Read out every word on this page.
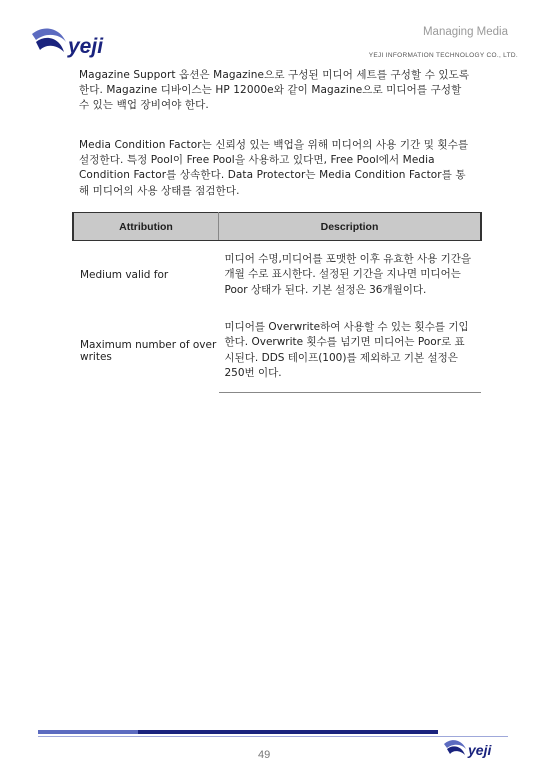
yeji
Managing Media
YEJI INFORMATION TECHNOLOGY CO., LTD.

Magazine Support 옵션은 Magazine으로 구성된 미디어 세트를 구성할 수 있도록 한다. Magazine 디바이스는 HP 12000e와 같이 Magazine으로 미디어를 구성할 수 있는 백업 장비여야 한다.

Media Condition Factor는 신뢰성 있는 백업을 위해 미디어의 사용 기간 및 횟수를 설정한다. 특정 Pool이 Free Pool을 사용하고 있다면, Free Pool에서 Media Condition Factor를 상속한다. Data Protector는 Media Condition Factor를 통해 미디어의 사용 상태를 점검한다.

Attribution	Description
Medium valid for	미디어 수명,미디어를 포맷한 이후 유효한 사용 기간을 개월 수로 표시한다. 설정된 기간을 지나면 미디어는 Poor 상태가 된다. 기본 설정은 36개월이다.
Maximum number of over writes	미디어를 Overwrite하여 사용할 수 있는 횟수를 기입한다. Overwrite 횟수를 넘기면 미디어는 Poor로 표시된다. DDS 테이프(100)를 제외하고 기본 설정은 250번 이다.
49	yeji
